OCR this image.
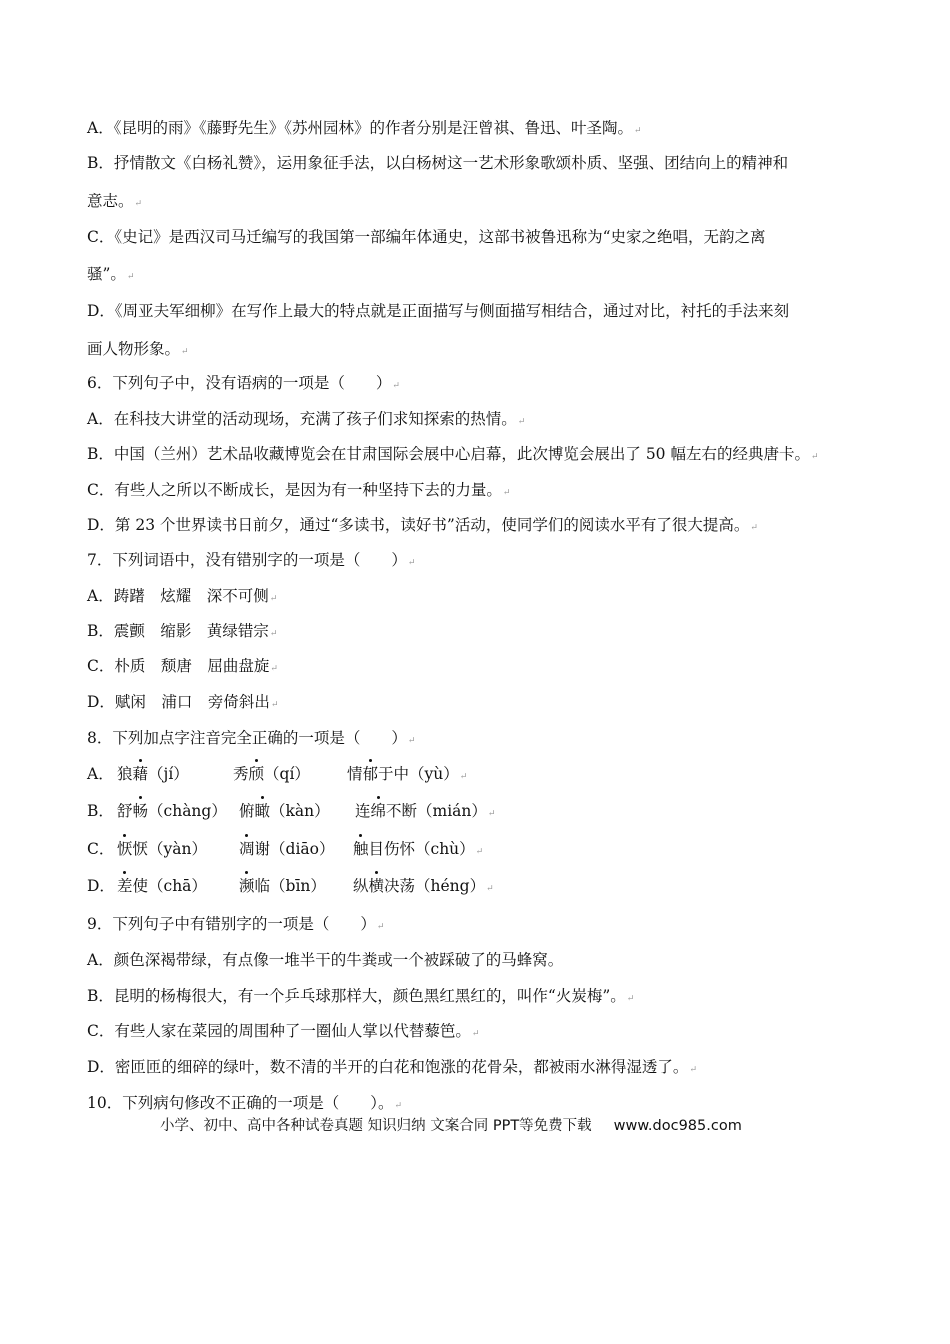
A．《昆明的雨》《藤野先生》《苏州园林》的作者分别是汪曾祺、鲁迅、叶圣陶。↵
B．抒情散文《白杨礼赞》，运用象征手法，以白杨树这一艺术形象歌颂朴质、坚强、团结向上的精神和
意志。↵
C．《史记》是西汉司马迁编写的我国第一部编年体通史，这部书被鲁迅称为“史家之绝唱，无韵之离
骚”。↵
D．《周亚夫军细柳》在写作上最大的特点就是正面描写与侧面描写相结合，通过对比，衬托的手法来刻
画人物形象。↵
6．下列句子中，没有语病的一项是（　　）↵
A．在科技大讲堂的活动现场，充满了孩子们求知探索的热情。↵
B．中国（兰州）艺术品收藏博览会在甘肃国际会展中心启幕，此次博览会展出了 50 幅左右的经典唐卡。↵
C．有些人之所以不断成长，是因为有一种坚持下去的力量。↵
D．第 23 个世界读书日前夕，通过“多读书，读好书”活动，使同学们的阅读水平有了很大提高。↵
7．下列词语中，没有错别字的一项是（　　）↵
A．踌躇　炫耀　深不可侧↵
B．震颤　缩影　黄绿错宗↵
C．朴质　颓唐　屈曲盘旋↵
D．赋闲　浦口　旁倚斜出↵
8．下列加点字注音完全正确的一项是（　　）↵
A． 狼藉（jí）	秀颀（qí） 情郁于中（yù）↵
B． 舒畅（chàng） 俯瞰（kàn） 连绵不断（mián）↵
C． 恹恹（yàn） 凋谢（diāo） 触目伤怀（chù）↵
D． 差使（chā） 濒临（bīn） 纵横决荡（héng）↵
9．下列句子中有错别字的一项是（　　）↵
A．颜色深褐带绿，有点像一堆半干的牛粪或一个被踩破了的马蜂窝。
B．昆明的杨梅很大，有一个乒乓球那样大，颜色黑红黑红的，叫作“火炭梅”。↵
C．有些人家在菜园的周围种了一圈仙人掌以代替藜笆。↵
D．密匝匝的细碎的绿叶，数不清的半开的白花和饱涨的花骨朵，都被雨水淋得湿透了。↵
10．下列病句修改不正确的一项是（　　）。↵
小学、初中、高中各种试卷真题 知识归纳 文案合同 PPT等免费下载 www.doc985.com
